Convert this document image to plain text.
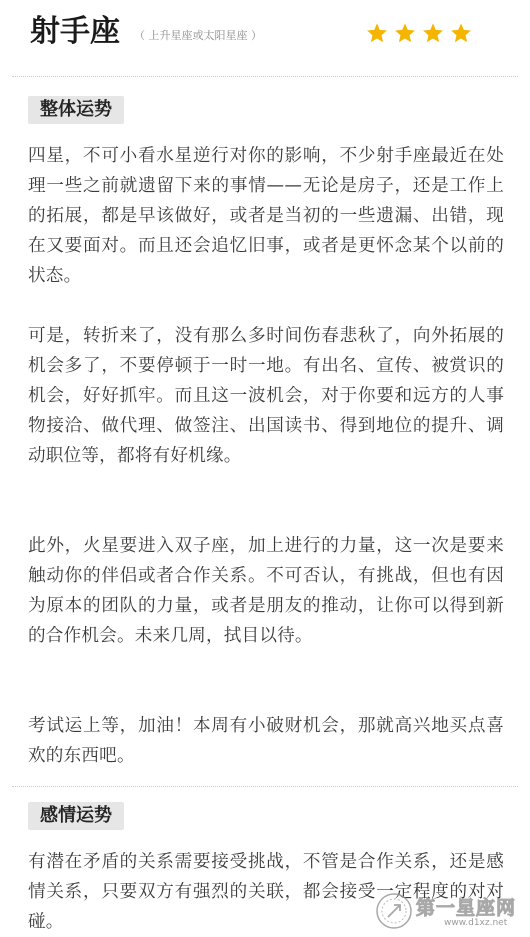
射手座 （ 上升星座或太阳星座 ）
整体运势

四星，不可小看水星逆行对你的影响，不少射手座最近在处理一些之前就遗留下来的事情——无论是房子，还是工作上的拓展，都是早该做好，或者是当初的一些遗漏、出错，现在又要面对。而且还会追忆旧事，或者是更怀念某个以前的状态。

可是，转折来了，没有那么多时间伤春悲秋了，向外拓展的机会多了，不要停顿于一时一地。有出名、宣传、被赏识的机会，好好抓牢。而且这一波机会，对于你要和远方的人事物接洽、做代理、做签注、出国读书、得到地位的提升、调动职位等，都将有好机缘。

此外，火星要进入双子座，加上进行的力量，这一次是要来触动你的伴侣或者合作关系。不可否认，有挑战，但也有因为原本的团队的力量，或者是朋友的推动，让你可以得到新的合作机会。未来几周，拭目以待。

考试运上等，加油！本周有小破财机会，那就高兴地买点喜欢的东西吧。

感情运势

有潜在矛盾的关系需要接受挑战，不管是合作关系，还是感情关系，只要双方有强烈的关联，都会接受一定程度的对对碰。

第一星座网
www.d1xz.net
